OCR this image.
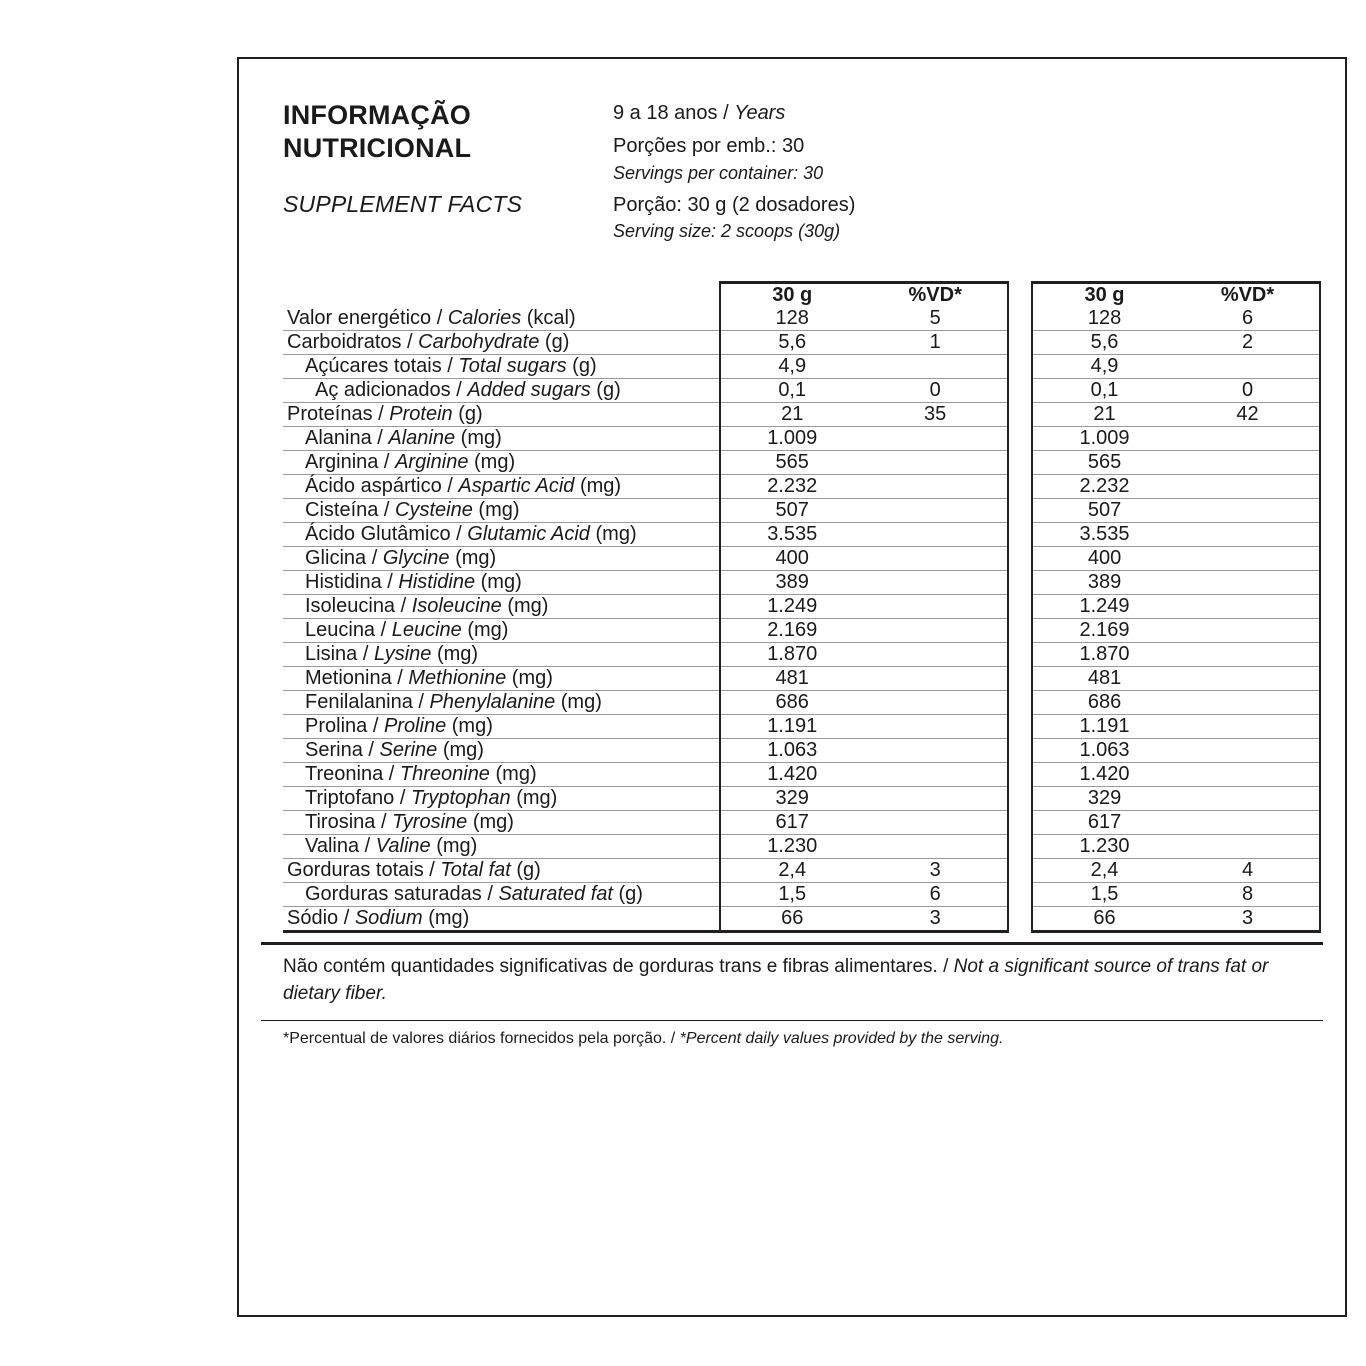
INFORMAÇÃO
NUTRICIONAL
SUPPLEMENT FACTS
9 a 18 anos / Years
Porções por emb.: 30
Servings per container: 30
Porção: 30 g (2 dosadores)
Serving size: 2 scoops (30g)
	30 g	%VD*		30 g	%VD*
Valor energético / Calories (kcal)	128	5		128	6
Carboidratos / Carbohydrate (g)	5,6	1		5,6	2
Açúcares totais / Total sugars (g)	4,9			4,9	
Aç adicionados / Added sugars (g)	0,1	0		0,1	0
Proteínas / Protein (g)	21	35		21	42
Alanina / Alanine (mg)	1.009			1.009	
Arginina / Arginine (mg)	565			565	
Ácido aspártico / Aspartic Acid (mg)	2.232			2.232	
Cisteína / Cysteine (mg)	507			507	
Ácido Glutâmico / Glutamic Acid (mg)	3.535			3.535	
Glicina / Glycine (mg)	400			400	
Histidina / Histidine (mg)	389			389	
Isoleucina / Isoleucine (mg)	1.249			1.249	
Leucina / Leucine (mg)	2.169			2.169	
Lisina / Lysine (mg)	1.870			1.870	
Metionina / Methionine (mg)	481			481	
Fenilalanina / Phenylalanine (mg)	686			686	
Prolina / Proline (mg)	1.191			1.191	
Serina / Serine (mg)	1.063			1.063	
Treonina / Threonine (mg)	1.420			1.420	
Triptofano / Tryptophan (mg)	329			329	
Tirosina / Tyrosine (mg)	617			617	
Valina / Valine (mg)	1.230			1.230	
Gorduras totais / Total fat (g)	2,4	3		2,4	4
Gorduras saturadas / Saturated fat (g)	1,5	6		1,5	8
Sódio / Sodium (mg)	66	3		66	3
Não contém quantidades significativas de gorduras trans e fibras alimentares. / Not a significant source of trans fat or dietary fiber.
*Percentual de valores diários fornecidos pela porção. / *Percent daily values provided by the serving.
